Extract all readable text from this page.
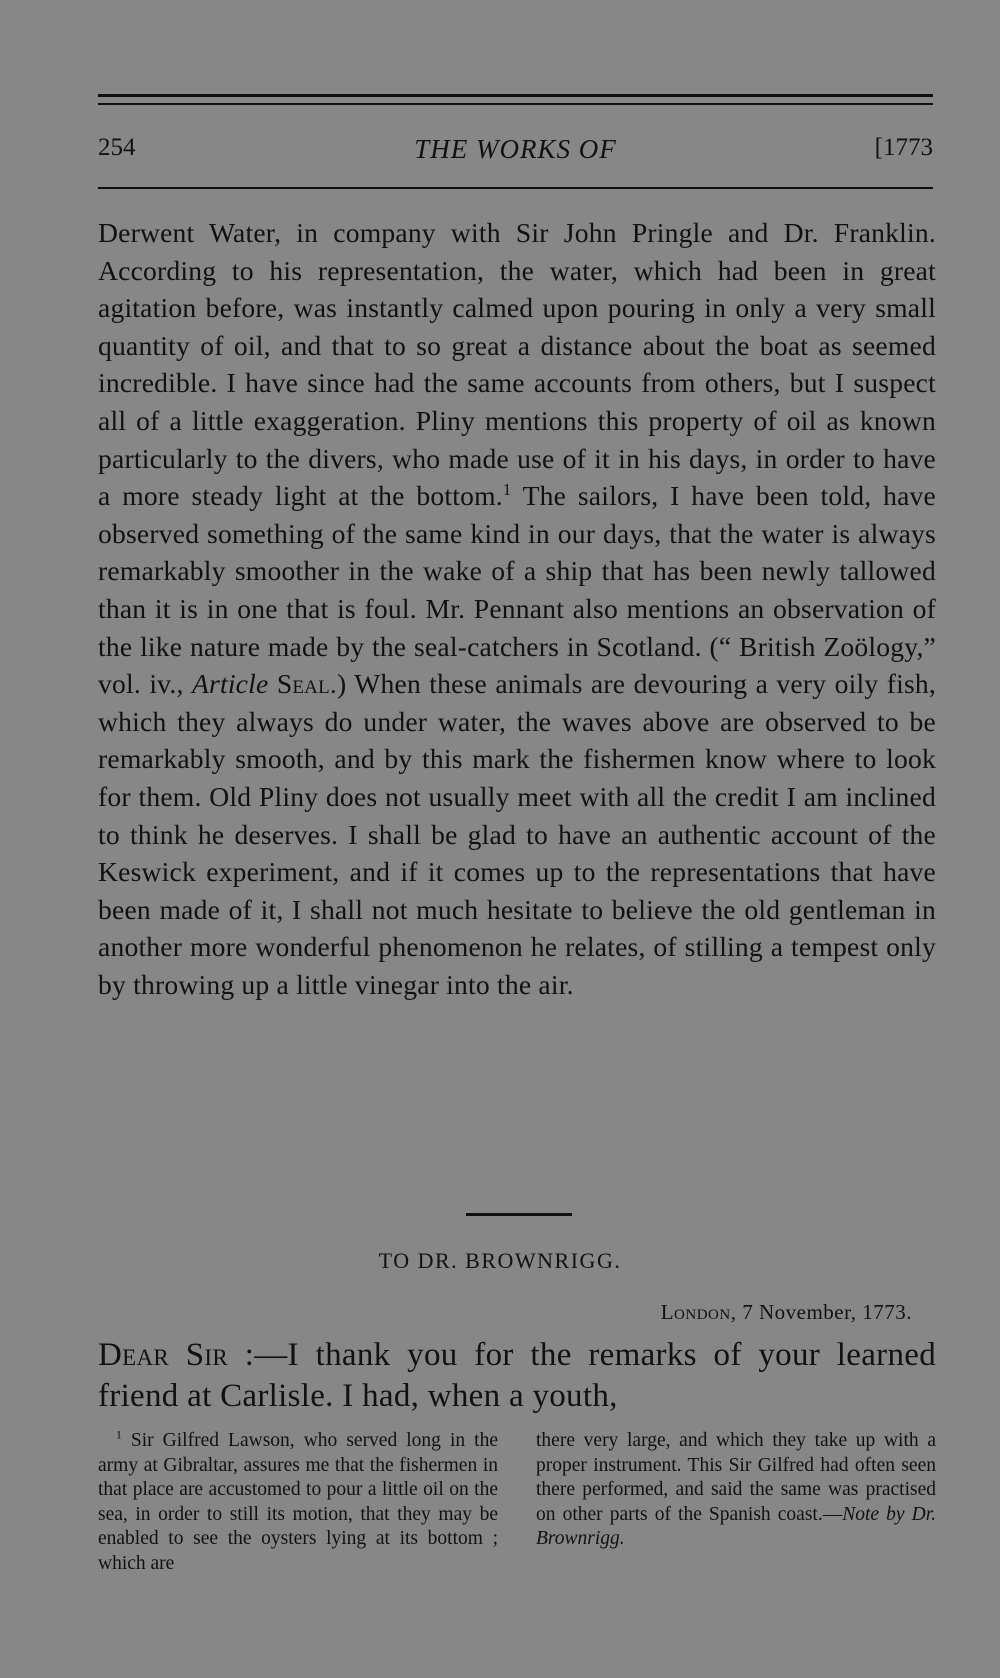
254	THE WORKS OF	[1773

Derwent Water, in company with Sir John Pringle and Dr. Franklin. According to his representation, the water, which had been in great agitation before, was instantly calmed upon pouring in only a very small quantity of oil, and that to so great a distance about the boat as seemed incredible. I have since had the same accounts from others, but I suspect all of a little exaggeration. Pliny mentions this property of oil as known particularly to the divers, who made use of it in his days, in order to have a more steady light at the bottom.$^1$ The sailors, I have been told, have observed something of the same kind in our days, that the water is always remarkably smoother in the wake of a ship that has been newly tallowed than it is in one that is foul. Mr. Pennant also mentions an observation of the like nature made by the seal-catchers in Scotland. (“ British Zoölogy,” vol. iv., Article Seal.) When these animals are devouring a very oily fish, which they always do under water, the waves above are observed to be remarkably smooth, and by this mark the fishermen know where to look for them. Old Pliny does not usually meet with all the credit I am inclined to think he deserves. I shall be glad to have an authentic account of the Keswick experiment, and if it comes up to the representations that have been made of it, I shall not much hesitate to believe the old gentleman in another more wonderful phenomenon he relates, of stilling a tempest only by throwing up a little vinegar into the air.

TO DR. BROWNRIGG.
London, 7 November, 1773.

Dear Sir :—I thank you for the remarks of your learned friend at Carlisle. I had, when a youth,

$^1$ Sir Gilfred Lawson, who served long in the army at Gibraltar, assures me that the fishermen in that place are accustomed to pour a little oil on the sea, in order to still its motion, that they may be enabled to see the oysters lying at its bottom ; which are

there very large, and which they take up with a proper instrument. This Sir Gilfred had often seen there performed, and said the same was practised on other parts of the Spanish coast.—Note by Dr. Brownrigg.
